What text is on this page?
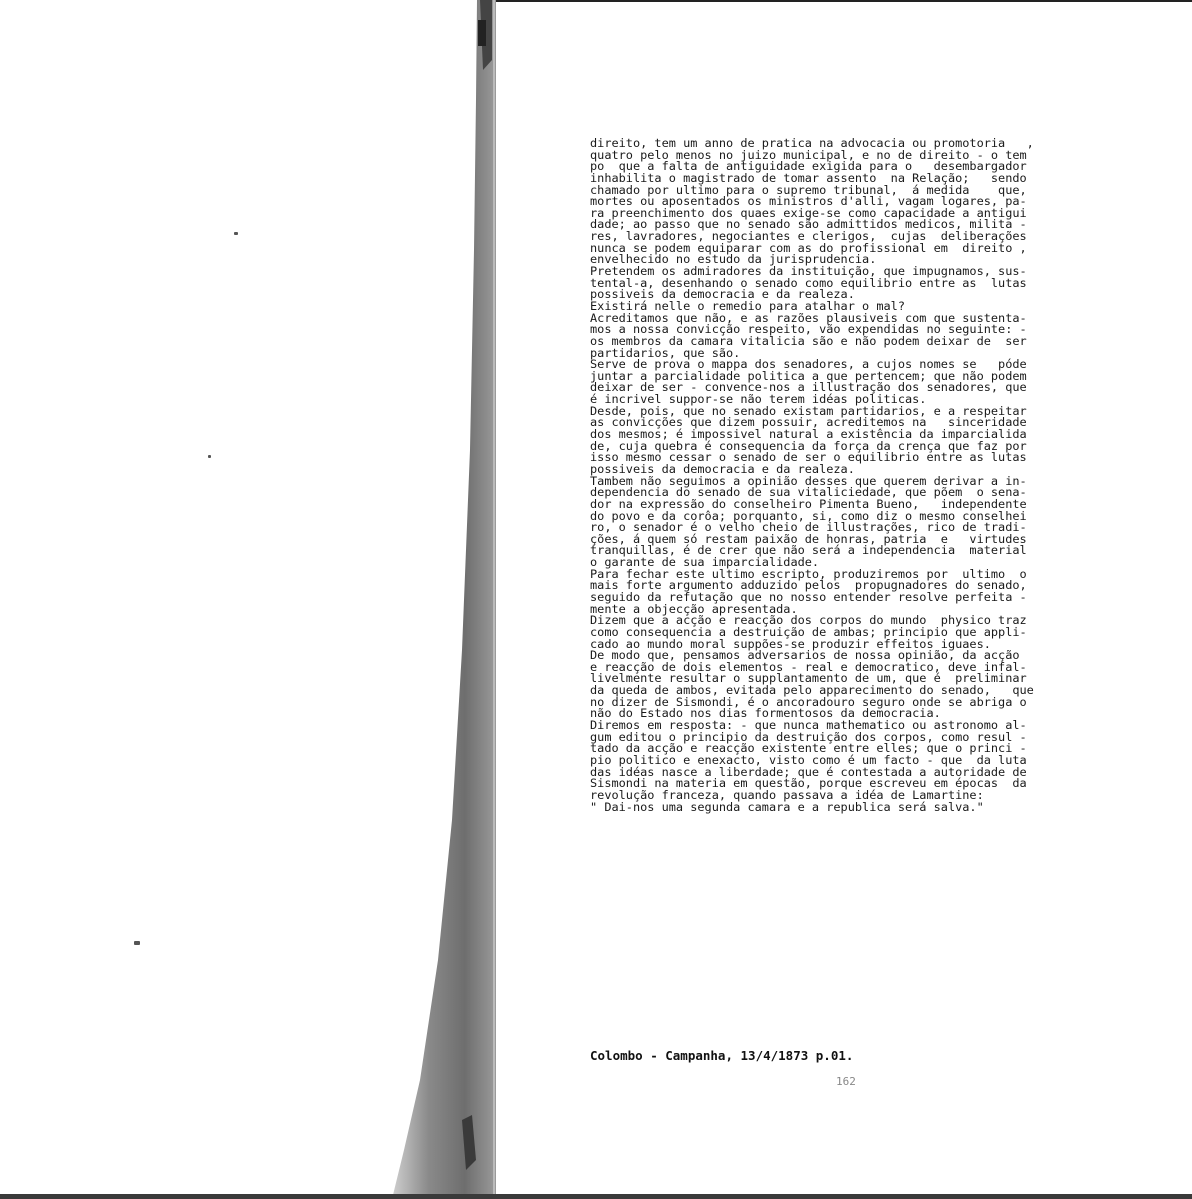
direito, tem um anno de pratica na advocacia ou promotoria   ,
quatro pelo menos no juizo municipal, e no de direito - o tem
po  que a falta de antiguidade exigida para o   desembargador
inhabilita o magistrado de tomar assento  na Relação;   sendo
chamado por ultimo para o supremo tribunal,  á medida    que,
mortes ou aposentados os ministros d'alli, vagam logares, pa-
ra preenchimento dos quaes exige-se como capacidade a antigui
dade; ao passo que no senado são admittidos medicos, milita -
res, lavradores, negociantes e clerigos,  cujas  deliberações
nunca se podem equiparar com as do profissional em  direito ,
envelhecido no estudo da jurisprudencia.
Pretendem os admiradores da instituição, que impugnamos, sus-
tental-a, desenhando o senado como equilibrio entre as  lutas
possiveis da democracia e da realeza.
Existirá nelle o remedio para atalhar o mal?
Acreditamos que não, e as razões plausiveis com que sustenta-
mos a nossa convicção respeito, vão expendidas no seguinte: -
os membros da camara vitalicia são e não podem deixar de  ser
partidarios, que são.
Serve de prova o mappa dos senadores, a cujos nomes se   póde
juntar a parcialidade politica a que pertencem; que não podem
deixar de ser - convence-nos a illustração dos senadores, que
é incrivel suppor-se não terem idéas politicas.
Desde, pois, que no senado existam partidarios, e a respeitar
as convicções que dizem possuir, acreditemos na   sinceridade
dos mesmos; é impossivel natural a existência da imparcialida
de, cuja quebra é consequencia da força da crença que faz por
isso mesmo cessar o senado de ser o equilibrio entre as lutas
possiveis da democracia e da realeza.
Tambem não seguimos a opinião desses que querem derivar a in-
dependencia do senado de sua vitaliciedade, que põem  o sena-
dor na expressão do conselheiro Pimenta Bueno,   independente
do povo e da corôa; porquanto, si, como diz o mesmo conselhei
ro, o senador é o velho cheio de illustrações, rico de tradi-
ções, á quem só restam paixão de honras, patria  e   virtudes
tranquillas, é de crer que não será a independencia  material
o garante de sua imparcialidade.
Para fechar este ultimo escripto, produziremos por  ultimo  o
mais forte argumento adduzido pelos  propugnadores do senado,
seguido da refutação que no nosso entender resolve perfeita -
mente a objecção apresentada.
Dizem que a acção e reacção dos corpos do mundo  physico traz
como consequencia a destruição de ambas; principio que appli-
cado ao mundo moral suppões-se produzir effeitos iguaes.
De modo que, pensamos adversarios de nossa opinião, da acção
e reacção de dois elementos - real e democratico, deve infal-
livelmente resultar o supplantamento de um, que é  preliminar
da queda de ambos, evitada pelo apparecimento do senado,   que
no dizer de Sismondi, é o ancoradouro seguro onde se abriga o
não do Estado nos dias formentosos da democracia.
Diremos em resposta: - que nunca mathematico ou astronomo al-
gum editou o principio da destruição dos corpos, como resul -
tado da acção e reacção existente entre elles; que o princi -
pio politico e enexacto, visto como é um facto - que  da luta
das idéas nasce a liberdade; que é contestada a autoridade de
Sismondi na materia em questão, porque escreveu em épocas  da
revolução franceza, quando passava a idéa de Lamartine:
" Dai-nos uma segunda camara e a republica será salva."
Colombo - Campanha, 13/4/1873 p.01.
162
